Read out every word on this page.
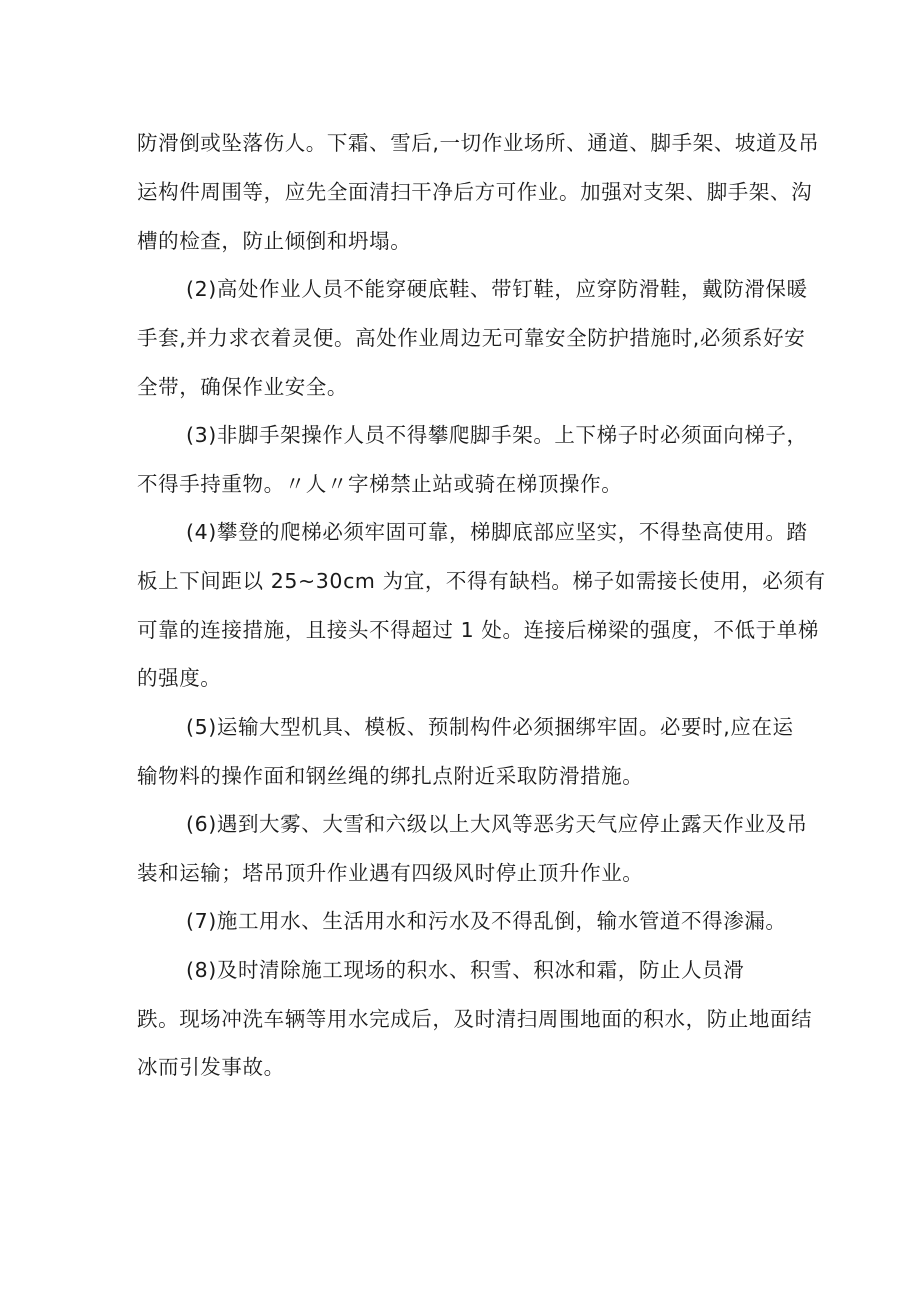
防滑倒或坠落伤人。下霜、雪后,一切作业场所、通道、脚手架、坡道及吊
运构件周围等，应先全面清扫干净后方可作业。加强对支架、脚手架、沟
槽的检查，防止倾倒和坍塌。
(2)高处作业人员不能穿硬底鞋、带钉鞋，应穿防滑鞋，戴防滑保暖
手套,并力求衣着灵便。高处作业周边无可靠安全防护措施时,必须系好安
全带，确保作业安全。
(3)非脚手架操作人员不得攀爬脚手架。上下梯子时必须面向梯子，
不得手持重物。〃人〃字梯禁止站或骑在梯顶操作。
(4)攀登的爬梯必须牢固可靠，梯脚底部应坚实，不得垫高使用。踏
板上下间距以 25~30cm 为宜，不得有缺档。梯子如需接长使用，必须有
可靠的连接措施，且接头不得超过 1 处。连接后梯梁的强度，不低于单梯
的强度。
(5)运输大型机具、模板、预制构件必须捆绑牢固。必要时,应在运
输物料的操作面和钢丝绳的绑扎点附近采取防滑措施。
(6)遇到大雾、大雪和六级以上大风等恶劣天气应停止露天作业及吊
装和运输；塔吊顶升作业遇有四级风时停止顶升作业。
(7)施工用水、生活用水和污水及不得乱倒，输水管道不得渗漏。
(8)及时清除施工现场的积水、积雪、积冰和霜，防止人员滑
跌。现场冲洗车辆等用水完成后，及时清扫周围地面的积水，防止地面结
冰而引发事故。
